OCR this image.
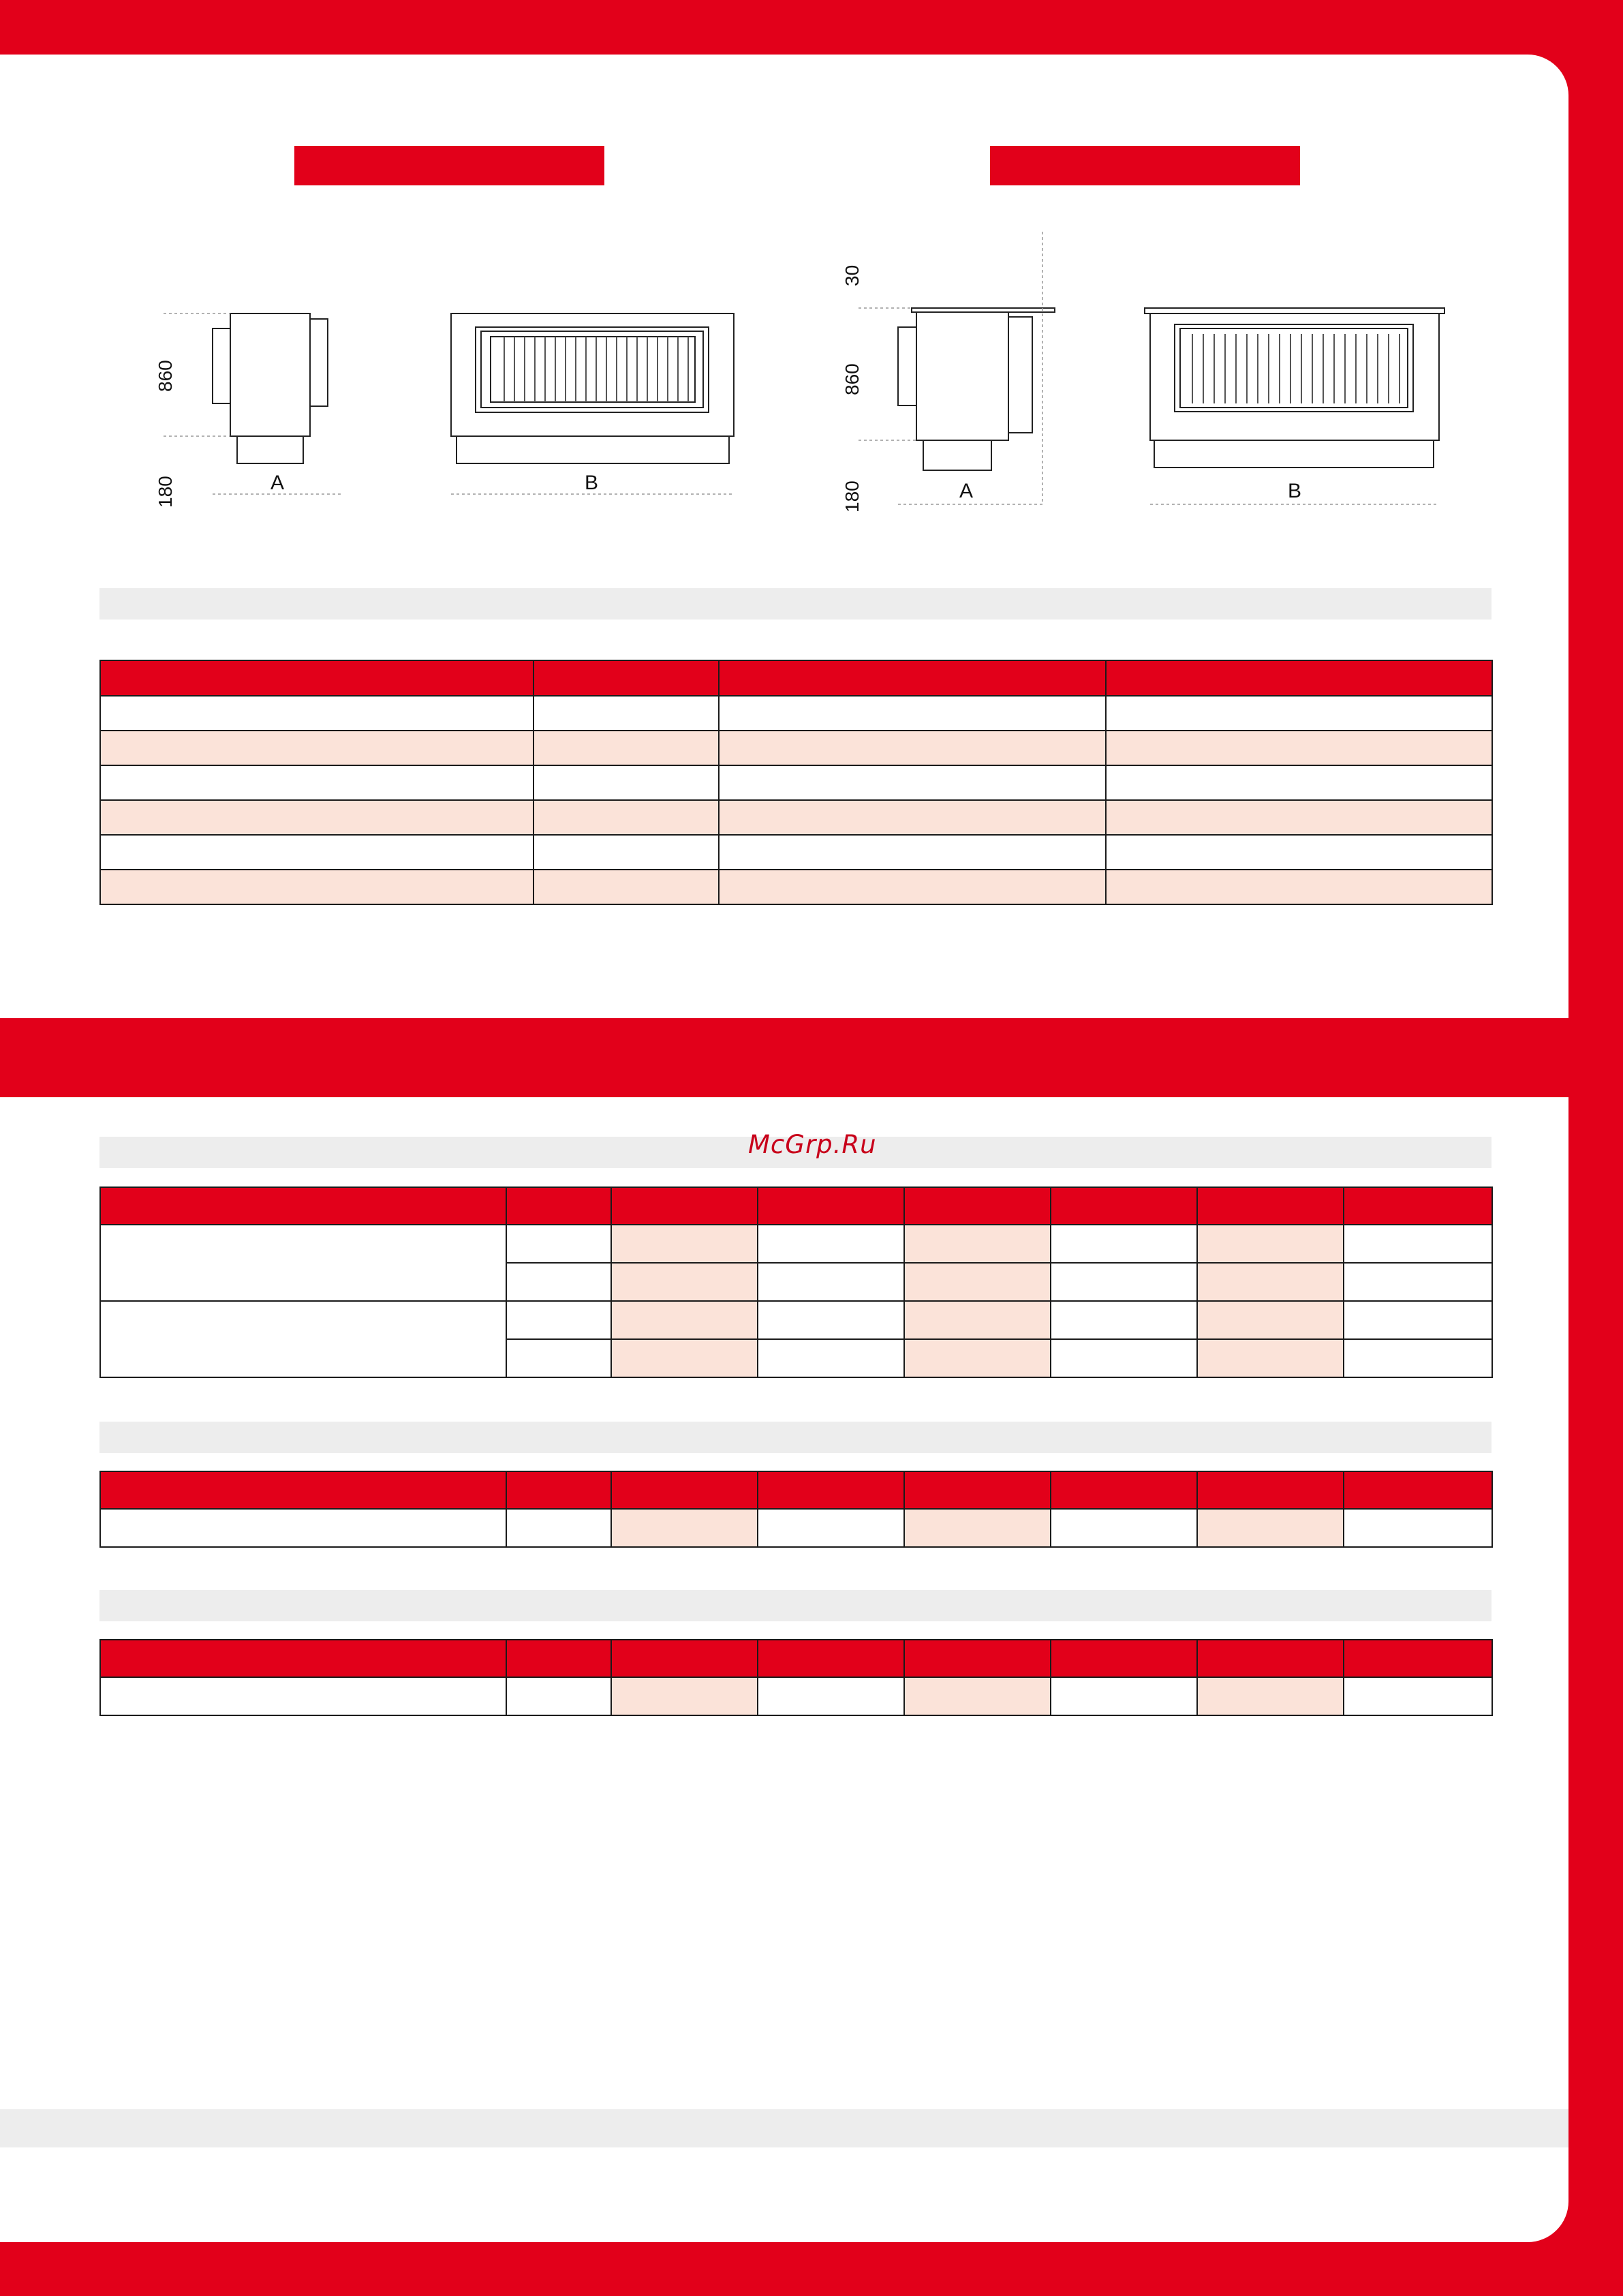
860
180	A	B
30
860
180	A	B

McGrp.Ru
